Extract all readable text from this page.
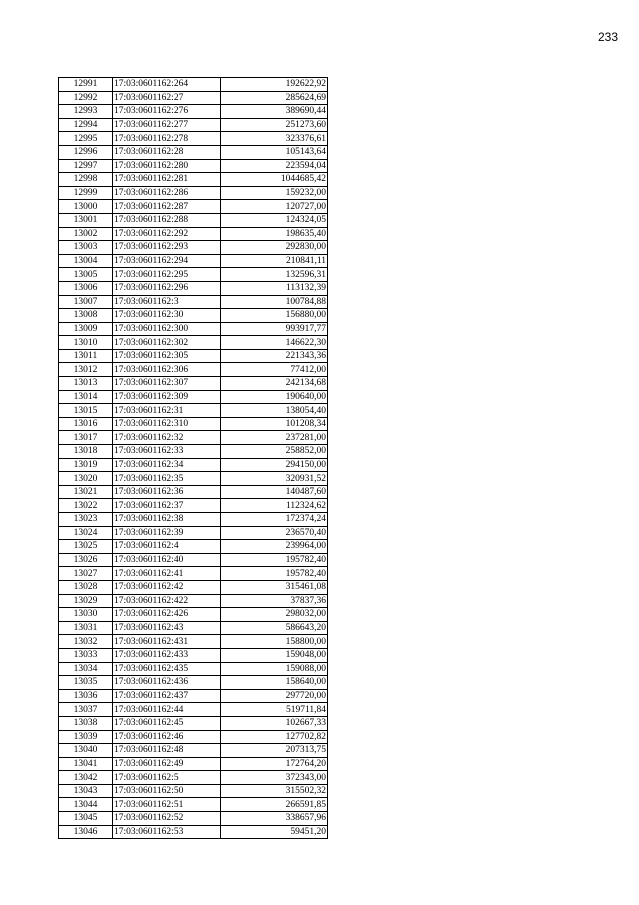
233
12991	17:03:0601162:264	192622,92
12992	17:03:0601162:27	285624,69
12993	17:03:0601162:276	389690,44
12994	17:03:0601162:277	251273,60
12995	17:03:0601162:278	323376,61
12996	17:03:0601162:28	105143,64
12997	17:03:0601162:280	223594,04
12998	17:03:0601162:281	1044685,42
12999	17:03:0601162:286	159232,00
13000	17:03:0601162:287	120727,00
13001	17:03:0601162:288	124324,05
13002	17:03:0601162:292	198635,40
13003	17:03:0601162:293	292830,00
13004	17:03:0601162:294	210841,11
13005	17:03:0601162:295	132596,31
13006	17:03:0601162:296	113132,39
13007	17:03:0601162:3	100784,88
13008	17:03:0601162:30	156880,00
13009	17:03:0601162:300	993917,77
13010	17:03:0601162:302	146622,30
13011	17:03:0601162:305	221343,36
13012	17:03:0601162:306	77412,00
13013	17:03:0601162:307	242134,68
13014	17:03:0601162:309	190640,00
13015	17:03:0601162:31	138054,40
13016	17:03:0601162:310	101208,34
13017	17:03:0601162:32	237281,00
13018	17:03:0601162:33	258852,00
13019	17:03:0601162:34	294150,00
13020	17:03:0601162:35	320931,52
13021	17:03:0601162:36	140487,60
13022	17:03:0601162:37	112324,62
13023	17:03:0601162:38	172374,24
13024	17:03:0601162:39	236570,40
13025	17:03:0601162:4	239964,00
13026	17:03:0601162:40	195782,40
13027	17:03:0601162:41	195782,40
13028	17:03:0601162:42	315461,08
13029	17:03:0601162:422	37837,36
13030	17:03:0601162:426	298032,00
13031	17:03:0601162:43	586643,20
13032	17:03:0601162:431	158800,00
13033	17:03:0601162:433	159048,00
13034	17:03:0601162:435	159088,00
13035	17:03:0601162:436	158640,00
13036	17:03:0601162:437	297720,00
13037	17:03:0601162:44	519711,84
13038	17:03:0601162:45	102667,33
13039	17:03:0601162:46	127702,82
13040	17:03:0601162:48	207313,75
13041	17:03:0601162:49	172764,20
13042	17:03:0601162:5	372343,00
13043	17:03:0601162:50	315502,32
13044	17:03:0601162:51	266591,85
13045	17:03:0601162:52	338657,96
13046	17:03:0601162:53	59451,20
